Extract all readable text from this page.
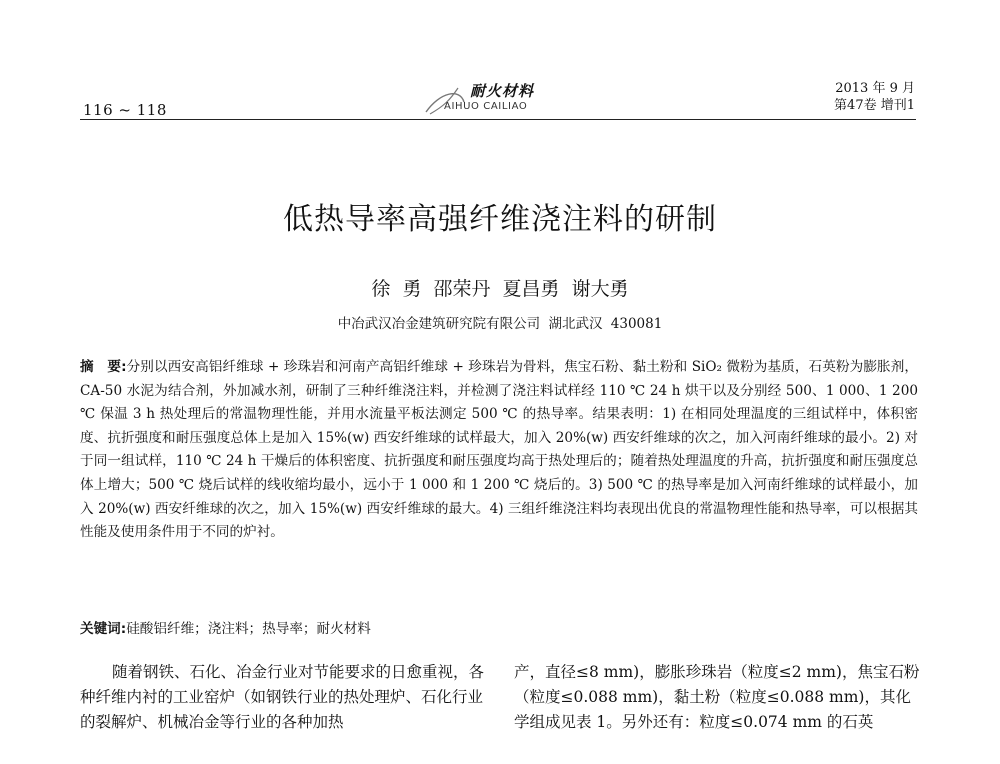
116 ~ 118
耐火材料
AIHUO CAILIAO
2013 年 9 月
第47卷 增刊1
低热导率高强纤维浇注料的研制
徐 勇 邵荣丹 夏昌勇 谢大勇
中冶武汉冶金建筑研究院有限公司 湖北武汉 430081
摘　要:分别以西安高铝纤维球 + 珍珠岩和河南产高铝纤维球 + 珍珠岩为骨料，焦宝石粉、黏土粉和 SiO₂ 微粉为基质，石英粉为膨胀剂，CA-50 水泥为结合剂，外加减水剂，研制了三种纤维浇注料，并检测了浇注料试样经 110 ℃ 24 h 烘干以及分别经 500、1 000、1 200 ℃ 保温 3 h 热处理后的常温物理性能，并用水流量平板法测定 500 ℃ 的热导率。结果表明：1) 在相同处理温度的三组试样中，体积密度、抗折强度和耐压强度总体上是加入 15%(w) 西安纤维球的试样最大，加入 20%(w) 西安纤维球的次之，加入河南纤维球的最小。2) 对于同一组试样，110 ℃ 24 h 干燥后的体积密度、抗折强度和耐压强度均高于热处理后的；随着热处理温度的升高，抗折强度和耐压强度总体上增大；500 ℃ 烧后试样的线收缩均最小，远小于 1 000 和 1 200 ℃ 烧后的。3) 500 ℃ 的热导率是加入河南纤维球的试样最小，加入 20%(w) 西安纤维球的次之，加入 15%(w) 西安纤维球的最大。4) 三组纤维浇注料均表现出优良的常温物理性能和热导率，可以根据其性能及使用条件用于不同的炉衬。
关键词:硅酸铝纤维；浇注料；热导率；耐火材料
随着钢铁、石化、冶金行业对节能要求的日愈重视，各种纤维内衬的工业窑炉（如钢铁行业的热处理炉、石化行业的裂解炉、机械冶金等行业的各种加热
产，直径≤8 mm)，膨胀珍珠岩（粒度≤2 mm)，焦宝石粉（粒度≤0.088 mm)，黏土粉（粒度≤0.088 mm)，其化学组成见表 1。另外还有：粒度≤0.074 mm 的石英
